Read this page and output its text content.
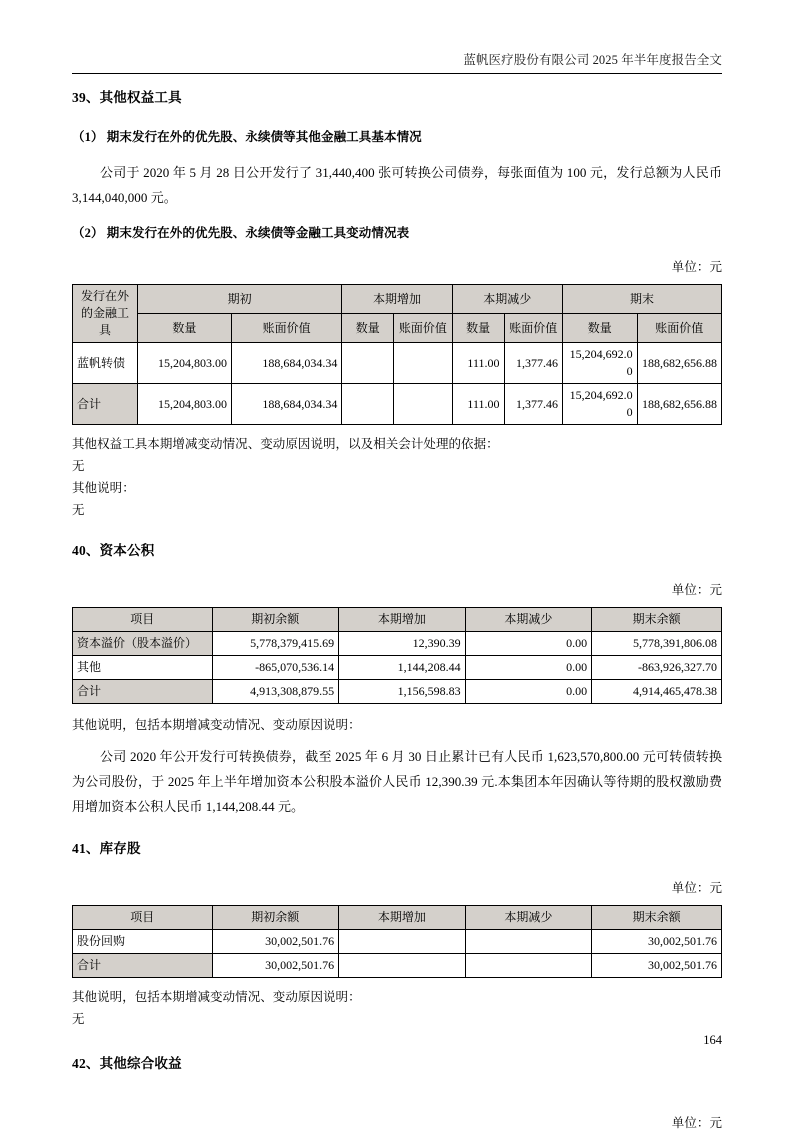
蓝帆医疗股份有限公司 2025 年半年度报告全文
39、其他权益工具
（1） 期末发行在外的优先股、永续债等其他金融工具基本情况

公司于 2020 年 5 月 28 日公开发行了 31,440,400 张可转换公司债券，每张面值为 100 元，发行总额为人民币 3,144,040,000 元。

（2） 期末发行在外的优先股、永续债等金融工具变动情况表
单位：元
发行在外的金融工具	期初		本期增加		本期减少		期末	
	数量	账面价值	数量	账面价值	数量	账面价值	数量	账面价值
蓝帆转债	15,204,803.00	188,684,034.34			111.00	1,377.46	15,204,692.00	188,682,656.88
合计	15,204,803.00	188,684,034.34			111.00	1,377.46	15,204,692.00	188,682,656.88
其他权益工具本期增减变动情况、变动原因说明，以及相关会计处理的依据：
无
其他说明：
无
40、资本公积
单位：元
项目	期初余额	本期增加	本期减少	期末余额
资本溢价（股本溢价）	5,778,379,415.69	12,390.39	0.00	5,778,391,806.08
其他	-865,070,536.14	1,144,208.44	0.00	-863,926,327.70
合计	4,913,308,879.55	1,156,598.83	0.00	4,914,465,478.38
其他说明，包括本期增减变动情况、变动原因说明：

公司 2020 年公开发行可转换债券，截至 2025 年 6 月 30 日止累计已有人民币 1,623,570,800.00 元可转债转换为公司股份，于 2025 年上半年增加资本公积股本溢价人民币 12,390.39 元.本集团本年因确认等待期的股权激励费用增加资本公积人民币 1,144,208.44 元。

41、库存股
单位：元
项目	期初余额	本期增加	本期减少	期末余额
股份回购	30,002,501.76			30,002,501.76
合计	30,002,501.76			30,002,501.76
其他说明，包括本期增减变动情况、变动原因说明：
无
42、其他综合收益
单位：元
164
